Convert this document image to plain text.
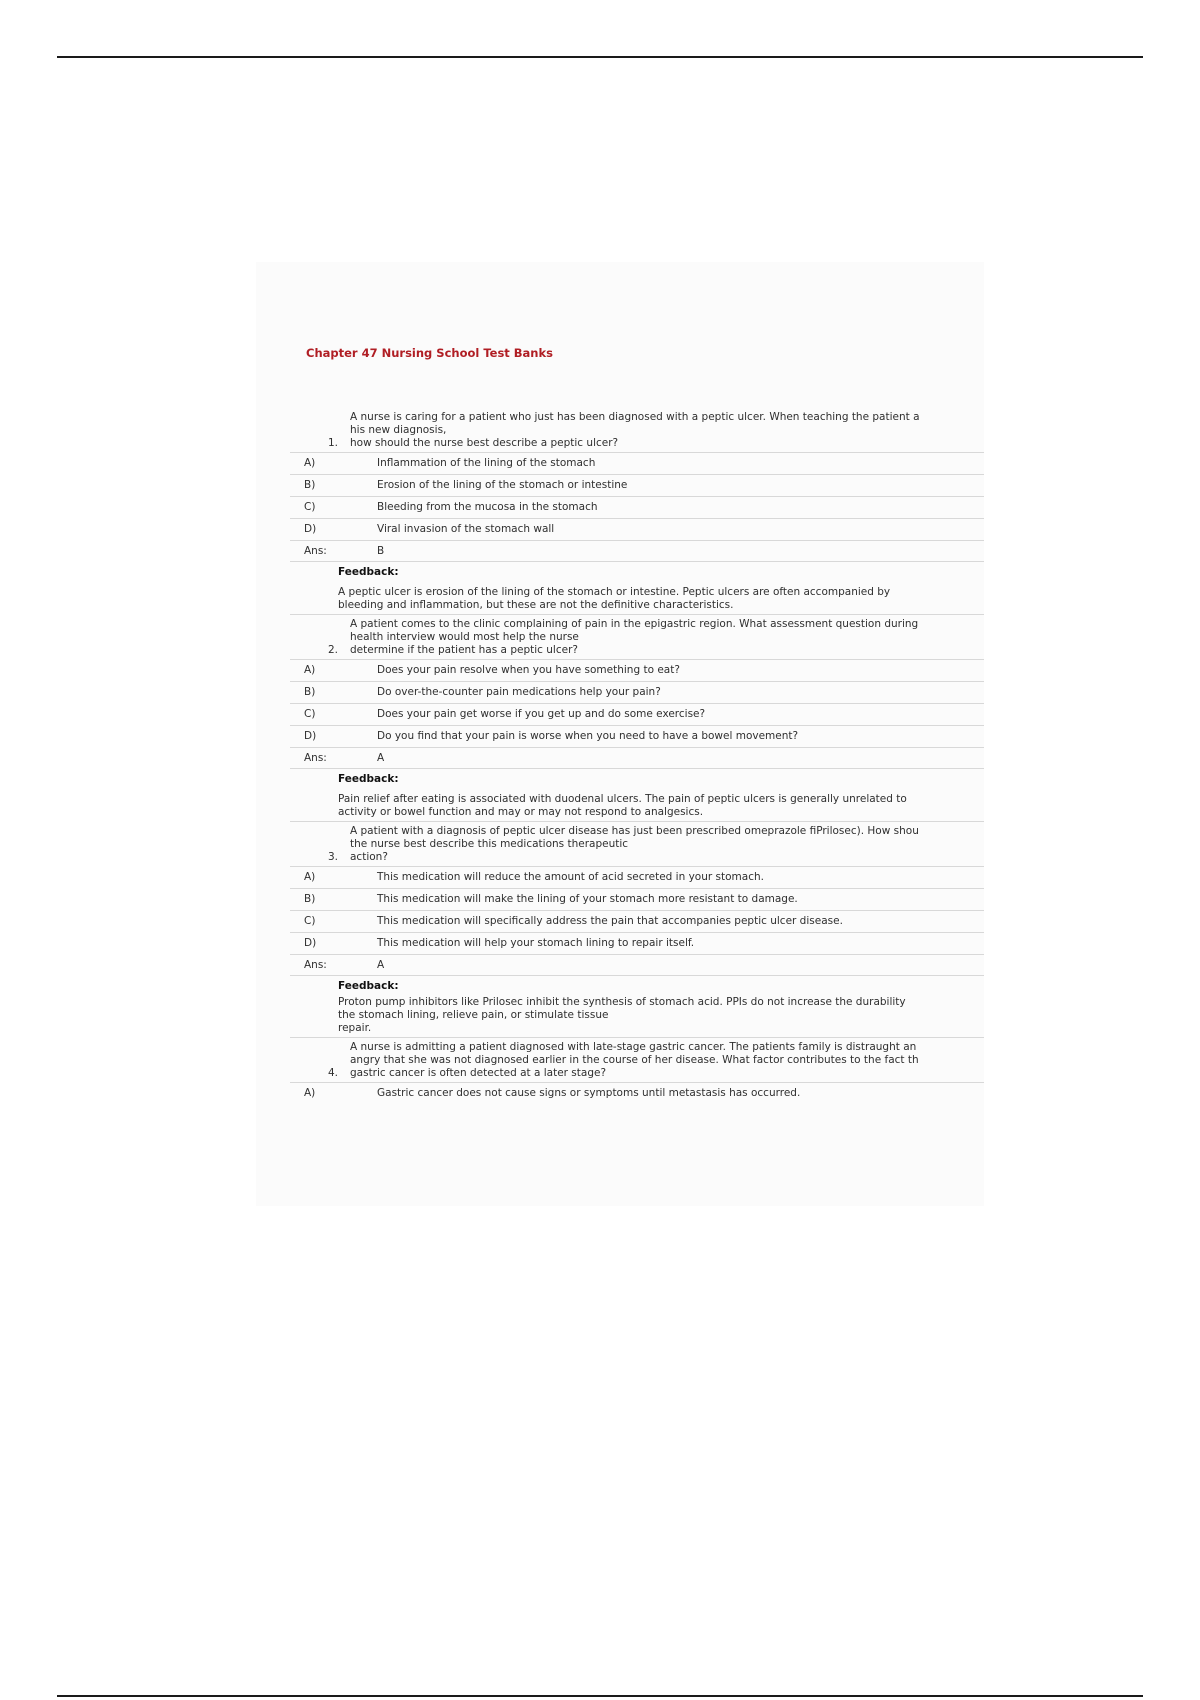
Chapter 47 Nursing School Test Banks
1.
A nurse is caring for a patient who just has been diagnosed with a peptic ulcer. When teaching the patient a
his new diagnosis,
how should the nurse best describe a peptic ulcer?
A)	Inflammation of the lining of the stomach
B)	Erosion of the lining of the stomach or intestine
C)	Bleeding from the mucosa in the stomach
D)	Viral invasion of the stomach wall
Ans:	B
Feedback:
A peptic ulcer is erosion of the lining of the stomach or intestine. Peptic ulcers are often accompanied by
bleeding and inflammation, but these are not the definitive characteristics.
2.
A patient comes to the clinic complaining of pain in the epigastric region. What assessment question during
health interview would most help the nurse
determine if the patient has a peptic ulcer?
A)	Does your pain resolve when you have something to eat?
B)	Do over-the-counter pain medications help your pain?
C)	Does your pain get worse if you get up and do some exercise?
D)	Do you find that your pain is worse when you need to have a bowel movement?
Ans:	A
Feedback:
Pain relief after eating is associated with duodenal ulcers. The pain of peptic ulcers is generally unrelated to
activity or bowel function and may or may not respond to analgesics.
3.
A patient with a diagnosis of peptic ulcer disease has just been prescribed omeprazole fiPrilosec). How shou
the nurse best describe this medications therapeutic
action?
A)	This medication will reduce the amount of acid secreted in your stomach.
B)	This medication will make the lining of your stomach more resistant to damage.
C)	This medication will specifically address the pain that accompanies peptic ulcer disease.
D)	This medication will help your stomach lining to repair itself.
Ans:	A
Feedback:
Proton pump inhibitors like Prilosec inhibit the synthesis of stomach acid. PPIs do not increase the durability
the stomach lining, relieve pain, or stimulate tissue
repair.
4.
A nurse is admitting a patient diagnosed with late-stage gastric cancer. The patients family is distraught an
angry that she was not diagnosed earlier in the course of her disease. What factor contributes to the fact th
gastric cancer is often detected at a later stage?
A)	Gastric cancer does not cause signs or symptoms until metastasis has occurred.
